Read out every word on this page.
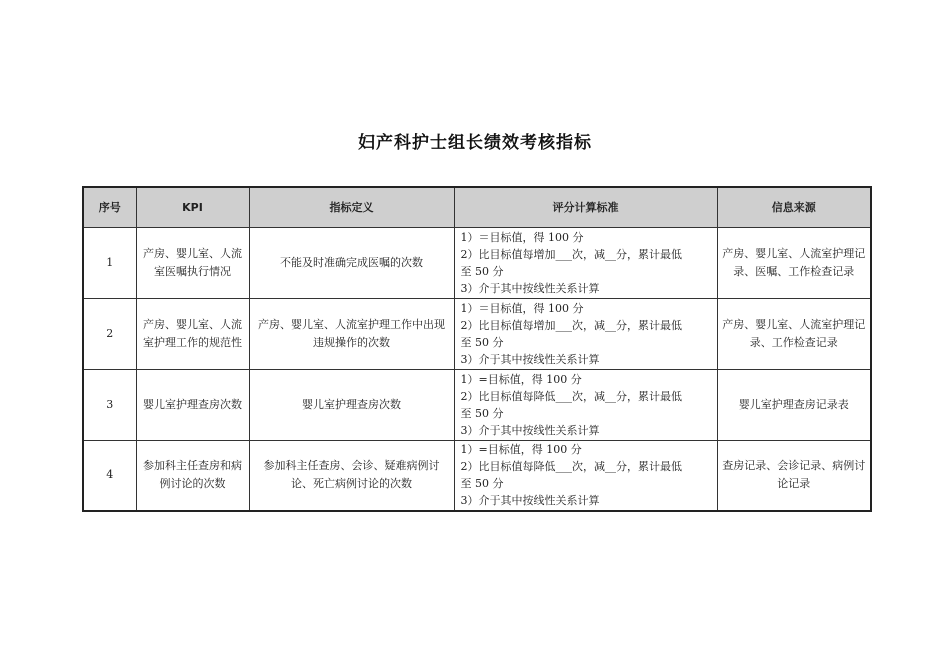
妇产科护士组长绩效考核指标
序号	KPI	指标定义	评分计算标准	信息来源
1	产房、婴儿室、人流室医嘱执行情况	不能及时准确完成医嘱的次数	1）＝目标值，得 100 分
2）比目标值每增加___次，减__分，累计最低
至 50 分
3）介于其中按线性关系计算	产房、婴儿室、人流室护理记录、医嘱、工作检查记录
2	产房、婴儿室、人流室护理工作的规范性	产房、婴儿室、人流室护理工作中出现违规操作的次数	1）＝目标值，得 100 分
2）比目标值每增加___次，减__分，累计最低
至 50 分
3）介于其中按线性关系计算	产房、婴儿室、人流室护理记录、工作检查记录
3	婴儿室护理查房次数	婴儿室护理查房次数	1）=目标值，得 100 分
2）比目标值每降低___次，减__分，累计最低
至 50 分
3）介于其中按线性关系计算	婴儿室护理查房记录表
4	参加科主任查房和病例讨论的次数	参加科主任查房、会诊、疑难病例讨论、死亡病例讨论的次数	1）=目标值，得 100 分
2）比目标值每降低___次，减__分，累计最低
至 50 分
3）介于其中按线性关系计算	查房记录、会诊记录、病例讨论记录
